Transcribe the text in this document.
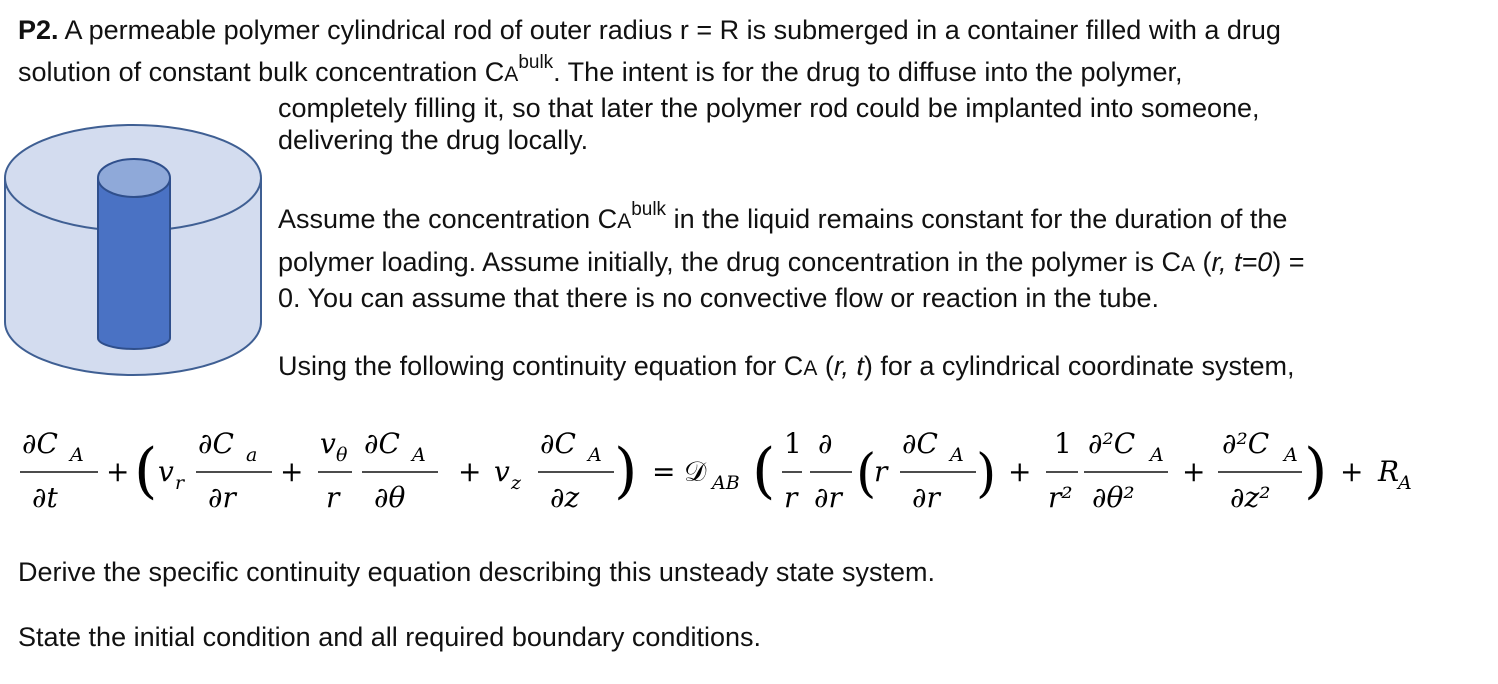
P2. A permeable polymer cylindrical rod of outer radius r = R is submerged in a container filled with a drug
solution of constant bulk concentration $CA^{bulk}$. The intent is for the drug to diffuse into the polymer,
completely filling it, so that later the polymer rod could be implanted into someone,
delivering the drug locally.
Assume the concentration $CA^{bulk}$ in the liquid remains constant for the duration of the
polymer loading. Assume initially, the drug concentration in the polymer is CA (r, t=0) =
0. You can assume that there is no convective flow or reaction in the tube.
Using the following continuity equation for CA (r, t) for a cylindrical coordinate system,
∂C A
∂t
+ ( v r
∂C a
∂r
+
v θ
r
∂C A
∂θ
+ v z
∂C A
∂z ) = 𝒟 AB ( 1
r
∂
∂r (
r
∂C A
∂r ) +
1
r²
∂²C A
∂θ²
+
∂²C A
∂z² ) + R
A
Derive the specific continuity equation describing this unsteady state system.
State the initial condition and all required boundary conditions.
